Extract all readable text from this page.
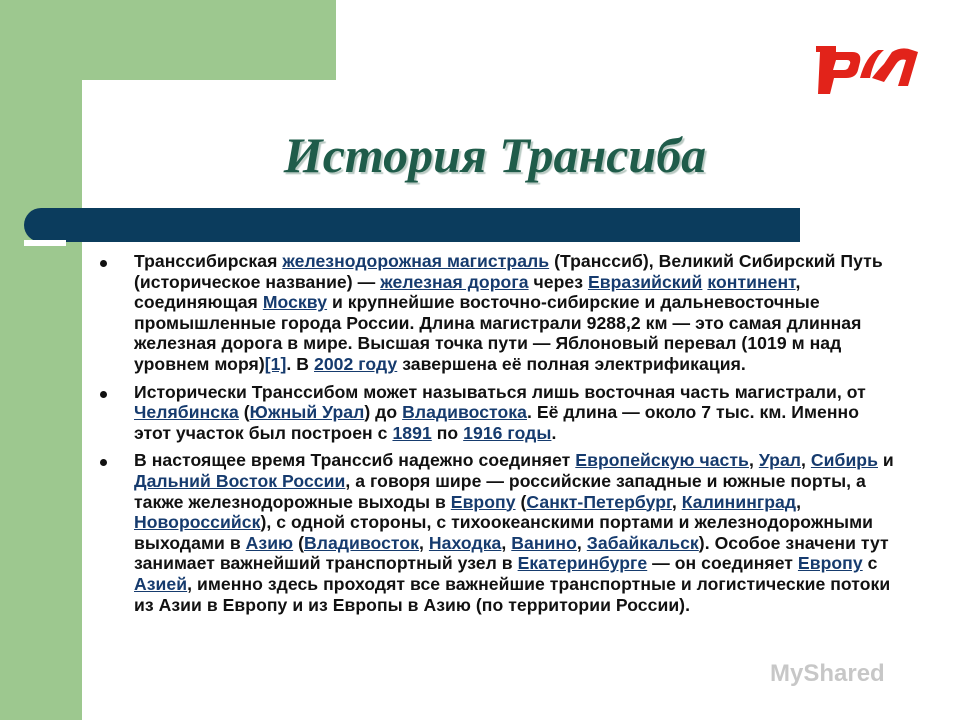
История Трансиба

Транссибирская железнодорожная магистраль (Транссиб), Великий Сибирский Путь (историческое название) — железная дорога через Евразийский континент, соединяющая Москву и крупнейшие восточно-сибирские и дальневосточные промышленные города России. Длина магистрали 9288,2 км — это самая длинная железная дорога в мире. Высшая точка пути — Яблоновый перевал (1019 м над уровнем моря)[1]. В 2002 году завершена её полная электрификация.

Исторически Транссибом может называться лишь восточная часть магистрали, от Челябинска (Южный Урал) до Владивостока. Её длина — около 7 тыс. км. Именно этот участок был построен с 1891 по 1916 годы.

В настоящее время Транссиб надежно соединяет Европейскую часть, Урал, Сибирь и Дальний Восток России, а говоря шире — российские западные и южные порты, а также железнодорожные выходы в Европу (Санкт-Петербург, Калининград, Новороссийск), с одной стороны, с тихоокеанскими портами и железнодорожными выходами в Азию (Владивосток, Находка, Ванино, Забайкальск). Особое значени тут занимает важнейший транспортный узел в Екатеринбурге — он соединяет Европу с Азией, именно здесь проходят все важнейшие транспортные и логистические потоки из Азии в Европу и из Европы в Азию (по территории России).

MyShared
